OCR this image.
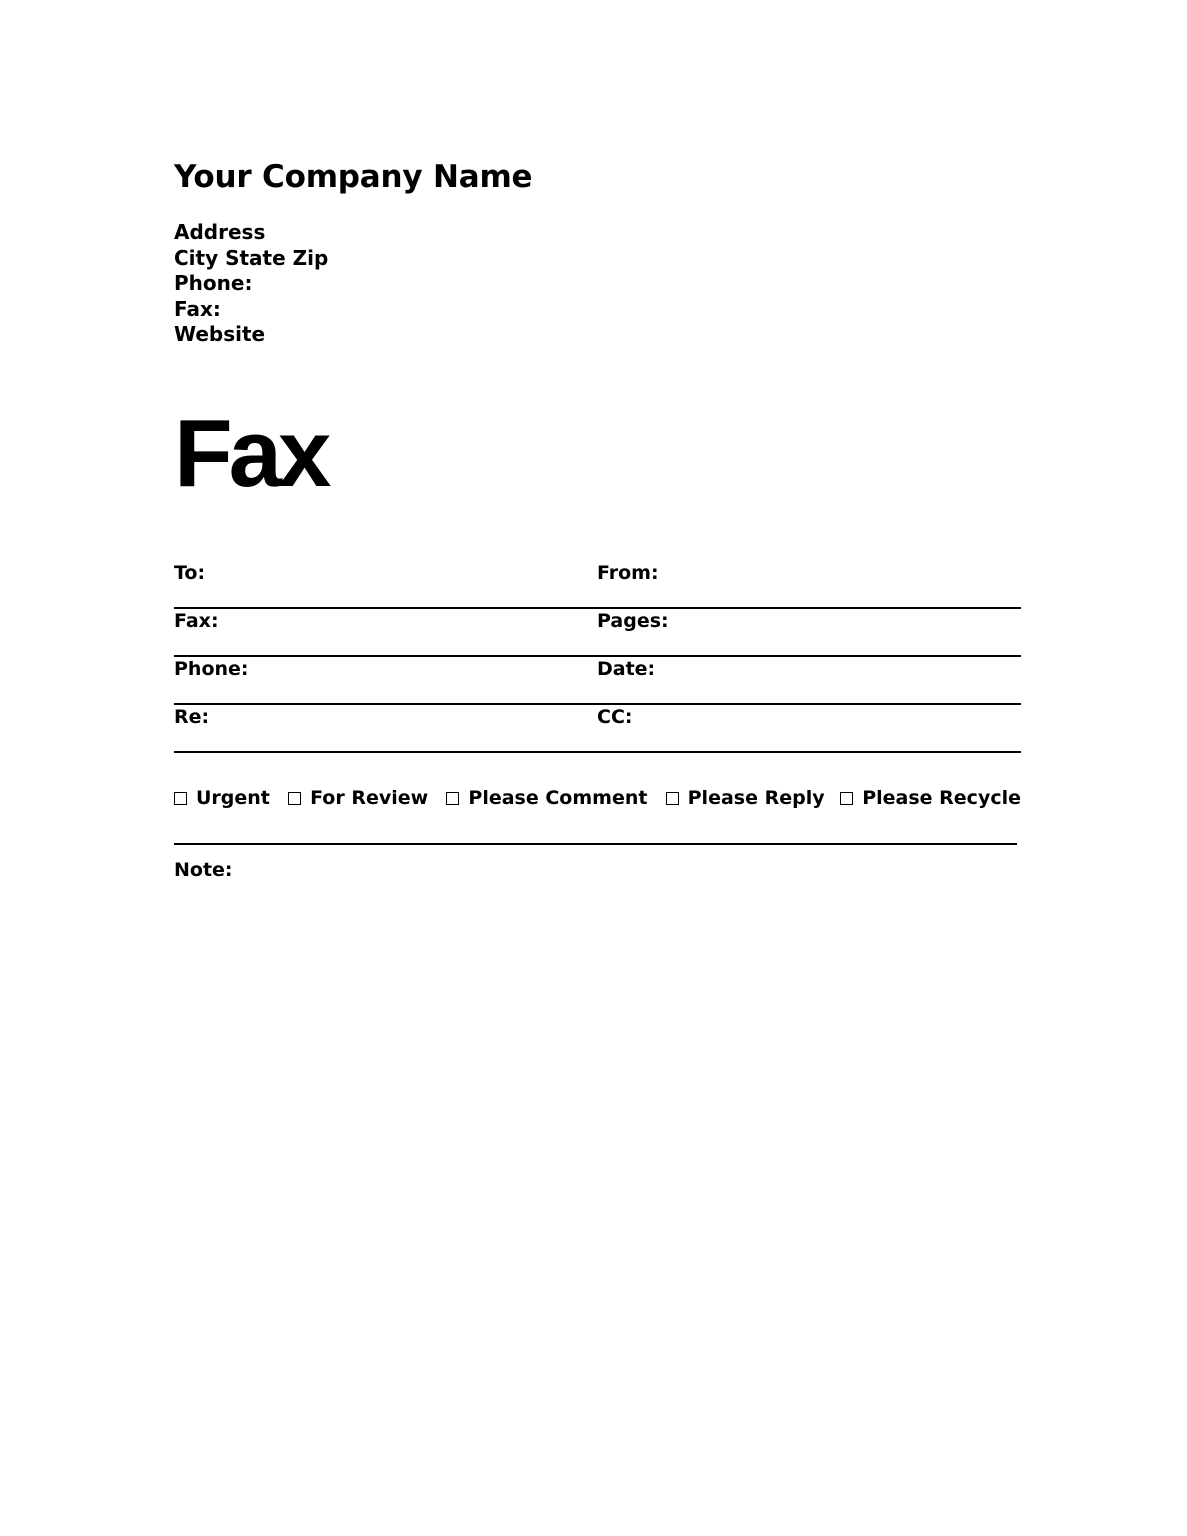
Your Company Name
Address
City State Zip
Phone:
Fax:
Website
Fax
To:	From:
Fax:	Pages:
Phone:	Date:
Re:	CC:
Urgent For Review Please Comment Please Reply Please Recycle
Note:
